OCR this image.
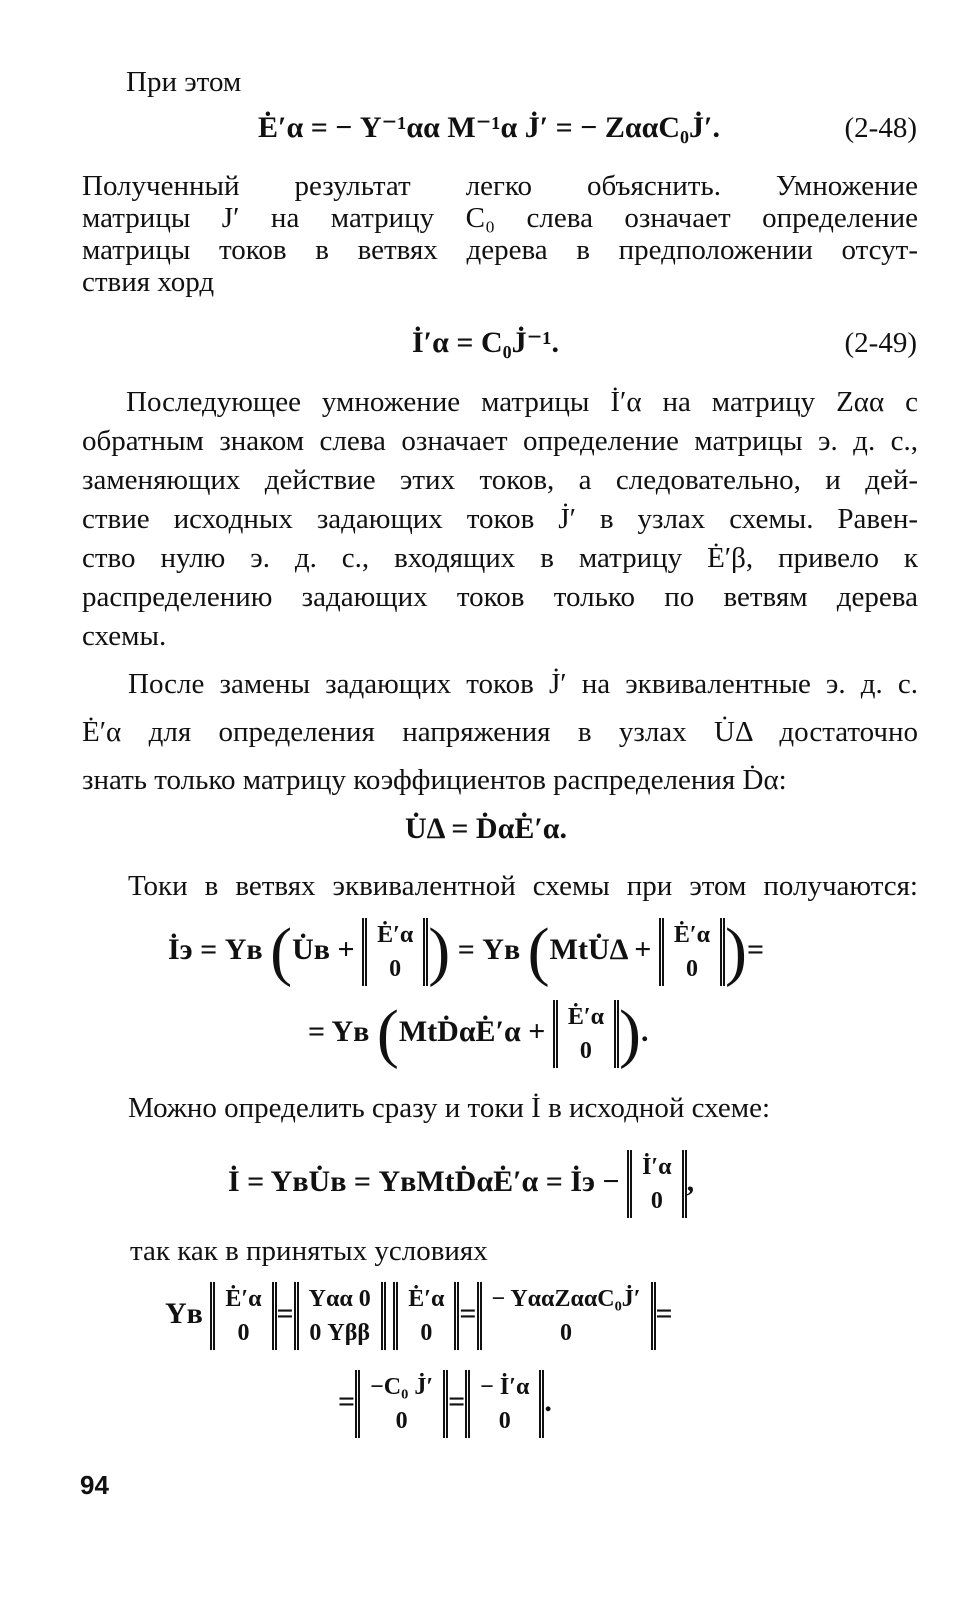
При этом
Ė′α = − Y⁻¹αα M⁻¹α J̇′ = − ZααC₀J̇′.	(2-48)
Полученный результат легко объяснить. Умножение
матрицы J′ на матрицу C₀ слева означает определение
матрицы токов в ветвях дерева в предположении отсут-
ствия хорд
İ′α = C₀J̇⁻¹.	(2-49)
Последующее умножение матрицы İ′α на матрицу Zαα с
обратным знаком слева означает определение матрицы э. д. с.,
заменяющих действие этих токов, а следовательно, и дей-
ствие исходных задающих токов J̇′ в узлах схемы. Равен-
ство нулю э. д. с., входящих в матрицу Ė′β, привело к
распределению задающих токов только по ветвям дерева
схемы.
После замены задающих токов J̇′ на эквивалентные э. д. с.
Ė′α для определения напряжения в узлах U̇Δ достаточно
знать только матрицу коэффициентов распределения Ḋα:
U̇Δ = ḊαĖ′α.
Токи в ветвях эквивалентной схемы при этом получаются:
İэ = Yв (U̇в + Ė′α
0 ) = Yв (MtU̇Δ + Ė′α
0 )=
= Yв (MtḊαĖ′α + Ė′α
0 ).
Можно определить сразу и токи İ в исходной схеме:
İ = YвU̇в = YвMtḊαĖ′α = İэ − İ′α
0,
так как в принятых условиях
Yв Ė′α
0= Yαα 0
0 Yββ Ė′α
0= − YααZααC₀J̇′
0=
= −C₀ J̇′
0= − İ′α
0.
94
